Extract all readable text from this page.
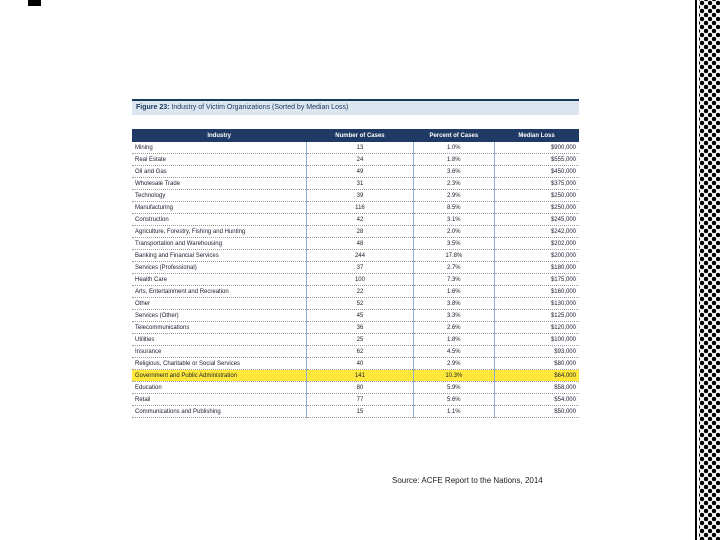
Figure 23: Industry of Victim Organizations (Sorted by Median Loss)
Industry	Number of Cases	Percent of Cases	Median Loss
Mining	13	1.0%	$900,000
Real Estate	24	1.8%	$555,000
Oil and Gas	49	3.6%	$450,000
Wholesale Trade	31	2.3%	$375,000
Technology	39	2.9%	$250,000
Manufacturing	116	8.5%	$250,000
Construction	42	3.1%	$245,000
Agriculture, Forestry, Fishing and Hunting	28	2.0%	$242,000
Transportation and Warehousing	48	3.5%	$202,000
Banking and Financial Services	244	17.8%	$200,000
Services (Professional)	37	2.7%	$180,000
Health Care	100	7.3%	$175,000
Arts, Entertainment and Recreation	22	1.6%	$160,000
Other	52	3.8%	$130,000
Services (Other)	45	3.3%	$125,000
Telecommunications	36	2.6%	$120,000
Utilities	25	1.8%	$100,000
Insurance	62	4.5%	$93,000
Religious, Charitable or Social Services	40	2.9%	$80,000
Government and Public Administration	141	10.3%	$64,000
Education	80	5.9%	$58,000
Retail	77	5.6%	$54,000
Communications and Publishing	15	1.1%	$50,000
Source: ACFE Report to the Nations, 2014
